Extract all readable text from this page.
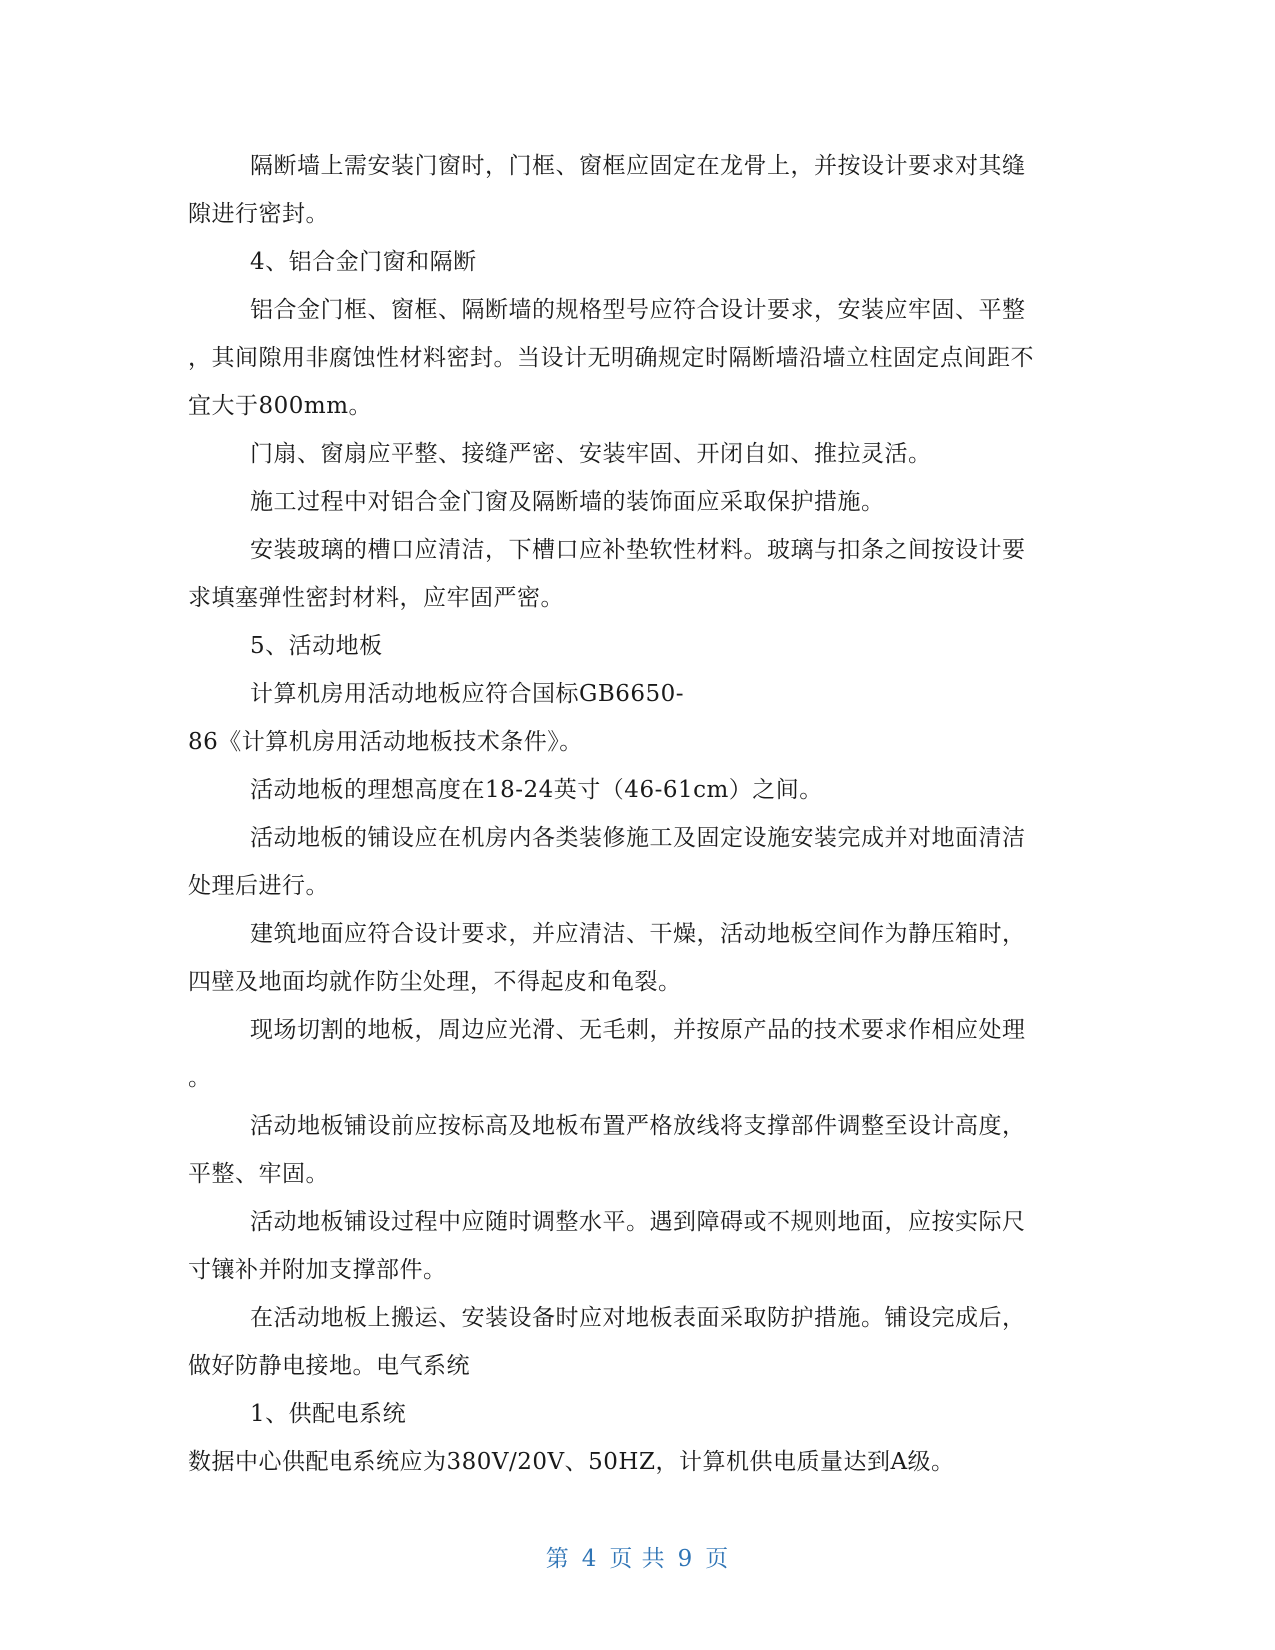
隔断墙上需安装门窗时，门框、窗框应固定在龙骨上，并按设计要求对其缝
隙进行密封。
4、铝合金门窗和隔断
铝合金门框、窗框、隔断墙的规格型号应符合设计要求，安装应牢固、平整
，其间隙用非腐蚀性材料密封。当设计无明确规定时隔断墙沿墙立柱固定点间距不
宜大于800mm。
门扇、窗扇应平整、接缝严密、安装牢固、开闭自如、推拉灵活。
施工过程中对铝合金门窗及隔断墙的装饰面应采取保护措施。
安装玻璃的槽口应清洁，下槽口应补垫软性材料。玻璃与扣条之间按设计要
求填塞弹性密封材料，应牢固严密。
5、活动地板
计算机房用活动地板应符合国标GB6650-
86《计算机房用活动地板技术条件》。
活动地板的理想高度在18-24英寸（46-61cm）之间。
活动地板的铺设应在机房内各类装修施工及固定设施安装完成并对地面清洁
处理后进行。
建筑地面应符合设计要求，并应清洁、干燥，活动地板空间作为静压箱时，
四壁及地面均就作防尘处理，不得起皮和龟裂。
现场切割的地板，周边应光滑、无毛刺，并按原产品的技术要求作相应处理
。
活动地板铺设前应按标高及地板布置严格放线将支撑部件调整至设计高度，
平整、牢固。
活动地板铺设过程中应随时调整水平。遇到障碍或不规则地面，应按实际尺
寸镶补并附加支撑部件。
在活动地板上搬运、安装设备时应对地板表面采取防护措施。铺设完成后，
做好防静电接地。电气系统
1、供配电系统
数据中心供配电系统应为380V/20V、50HZ，计算机供电质量达到A级。
第 4 页 共 9 页
